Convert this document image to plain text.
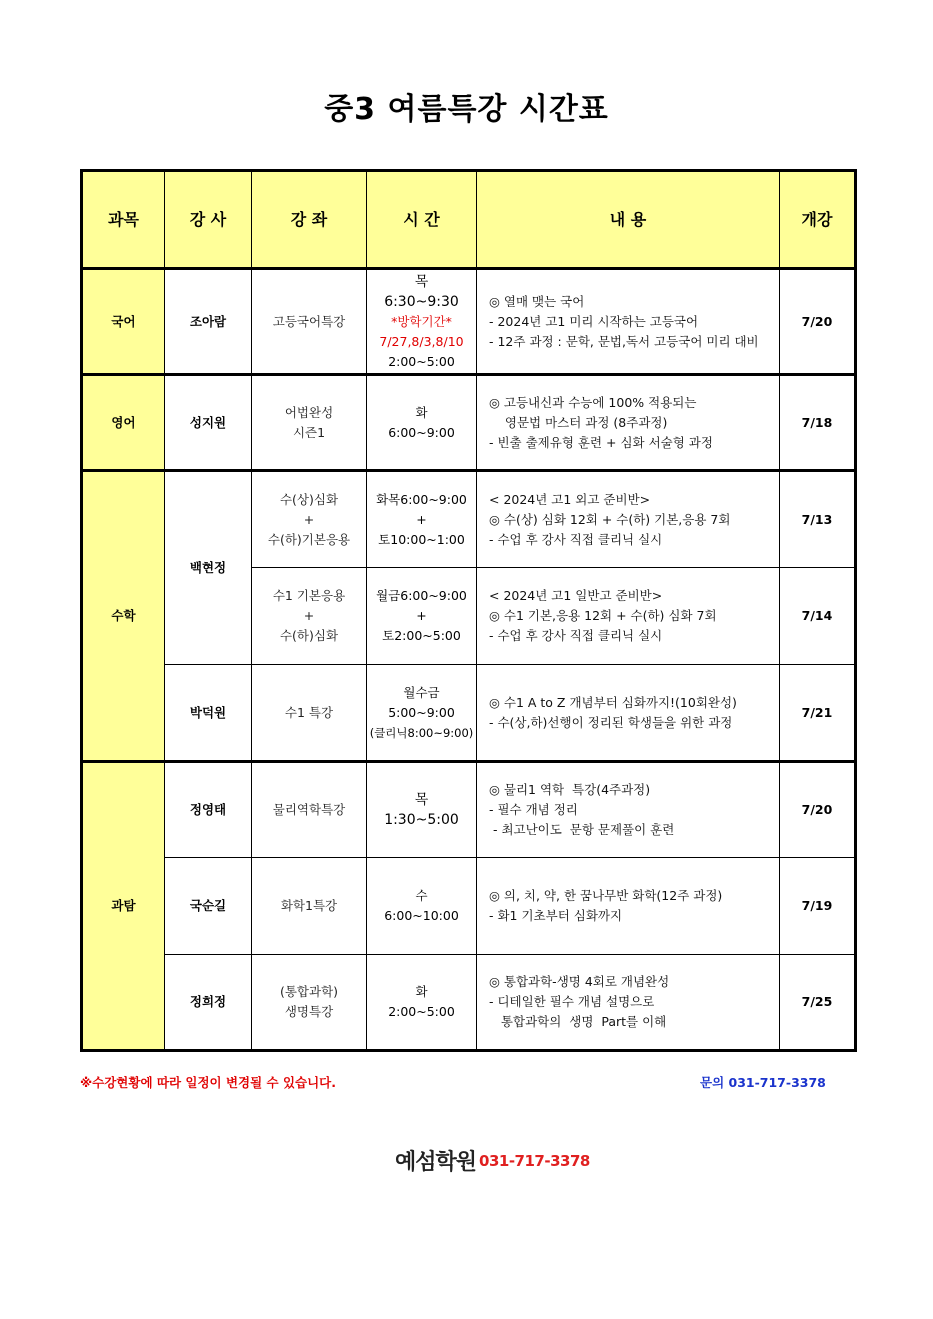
중3 여름특강 시간표
과목	강 사	강 좌	시 간	내 용	개강
국어	조아람	고등국어특강	목
6:30~9:30
*방학기간*
7/27,8/3,8/10
2:00~5:00	◎ 열매 맺는 국어
- 2024년 고1 미리 시작하는 고등국어
- 12주 과정 : 문학, 문법,독서 고등국어 미리 대비	7/20
영어	성지원	어법완성
시즌1	화
6:00~9:00	◎ 고등내신과 수능에 100% 적용되는
영문법 마스터 과정 (8주과정)
- 빈출 출제유형 훈련 + 심화 서술형 과정	7/18
수학	백현정	수(상)심화
+
수(하)기본응용	화목6:00~9:00
+
토10:00~1:00	< 2024년 고1 외고 준비반>
◎ 수(상) 심화 12회 + 수(하) 기본,응용 7회
- 수업 후 강사 직접 클리닉 실시	7/13

		수1 기본응용
+
수(하)심화	월금6:00~9:00
+
토2:00~5:00	< 2024년 고1 일반고 준비반>
◎ 수1 기본,응용 12회 + 수(하) 심화 7회
- 수업 후 강사 직접 클리닉 실시	7/14
	박덕원	수1 특강	월수금
5:00~9:00
(클리닉8:00~9:00)	◎ 수1 A to Z 개념부터 심화까지!(10회완성)
- 수(상,하)선행이 정리된 학생들을 위한 과정	7/21
과탐	정영태	물리역학특강	목
1:30~5:00	◎ 물리1 역학  특강(4주과정)
- 필수 개념 정리
- 최고난이도  문항 문제풀이 훈련	7/20
	국순길	화학1특강	수
6:00~10:00	◎ 의, 치, 약, 한 꿈나무반 화학(12주 과정)
- 화1 기초부터 심화까지	7/19
	정희정	(통합과학)
생명특강	화
2:00~5:00	◎ 통합과학-생명 4회로 개념완성
- 디테일한 필수 개념 설명으로
통합과학의  생명  Part를 이해	7/25
※수강현황에 따라 일정이 변경될 수 있습니다.	문의 031-717-3378
예섬학원 031-717-3378
